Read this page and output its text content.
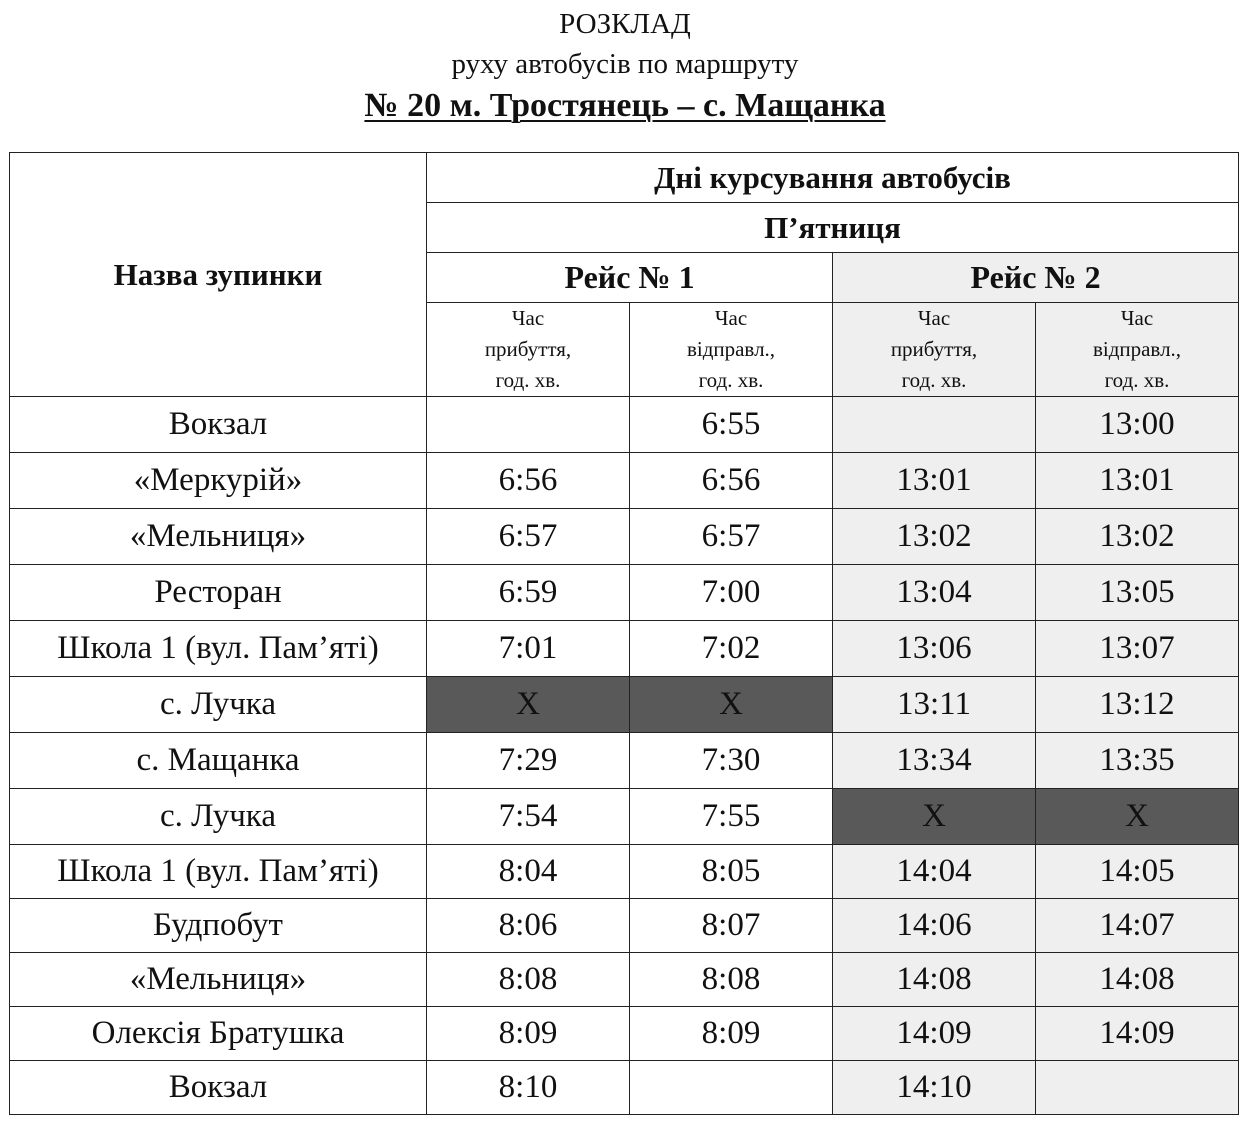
РОЗКЛАД
руху автобусів по маршруту
№ 20 м. Тростянець – с. Мащанка
Назва зупинки	Дні курсування автобусів			
	П’ятниця			
	Рейс № 1		Рейс № 2	

	Час
прибуття,
год. хв.	Час
відправл.,
год. хв.	Час
прибуття,
год. хв.	Час
відправл.,
год. хв.

Вокзал		6:55		13:00
«Меркурій»	6:56	6:56	13:01	13:01
«Мельниця»	6:57	6:57	13:02	13:02
Ресторан	6:59	7:00	13:04	13:05
Школа 1 (вул. Пам’яті)	7:01	7:02	13:06	13:07
с. Лучка	X	X	13:11	13:12
с. Мащанка	7:29	7:30	13:34	13:35
с. Лучка	7:54	7:55	X	X
Школа 1 (вул. Пам’яті)	8:04	8:05	14:04	14:05
Будпобут	8:06	8:07	14:06	14:07
«Мельниця»	8:08	8:08	14:08	14:08
Олексія Братушка	8:09	8:09	14:09	14:09
Вокзал	8:10		14:10	
